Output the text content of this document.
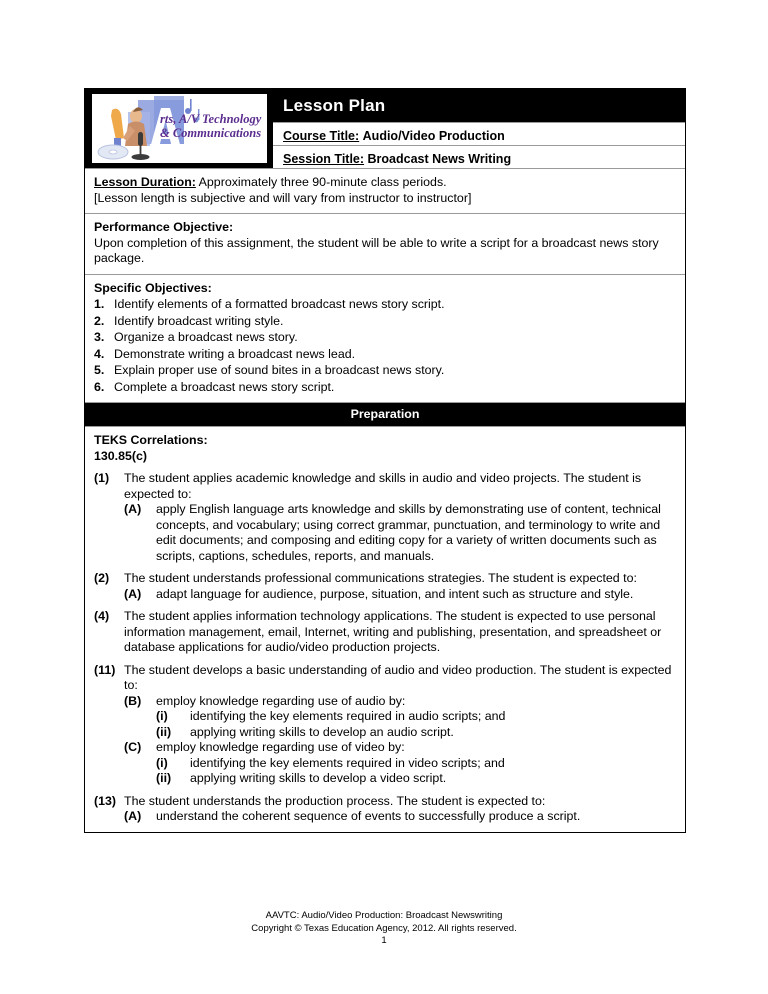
rts, A/V Technology
& Communications
Lesson Plan
Course Title: Audio/Video Production
Session Title: Broadcast News Writing

Lesson Duration: Approximately three 90-minute class periods.

[Lesson length is subjective and will vary from instructor to instructor]

Performance Objective:

Upon completion of this assignment, the student will be able to write a script for a broadcast news story package.

Specific Objectives:

1. Identify elements of a formatted broadcast news story script.
2. Identify broadcast writing style.
3. Organize a broadcast news story.
4. Demonstrate writing a broadcast news lead.
5. Explain proper use of sound bites in a broadcast news story.
6. Complete a broadcast news story script.
Preparation

TEKS Correlations:

130.85(c)

(1)	The student applies academic knowledge and skills in audio and video projects. The student is expected to:
(A)	apply English language arts knowledge and skills by demonstrating use of content, technical concepts, and vocabulary; using correct grammar, punctuation, and terminology to write and edit documents; and composing and editing copy for a variety of written documents such as scripts, captions, schedules, reports, and manuals.
(2)	The student understands professional communications strategies. The student is expected to:
(A)	adapt language for audience, purpose, situation, and intent such as structure and style.
(4)	The student applies information technology applications. The student is expected to use personal information management, email, Internet, writing and publishing, presentation, and spreadsheet or database applications for audio/video production projects.
(11) The student develops a basic understanding of audio and video production. The student is expected to:
(B)	employ knowledge regarding use of audio by:
(i)	identifying the key elements required in audio scripts; and
(ii)	applying writing skills to develop an audio script.
(C)	employ knowledge regarding use of video by:
(i)	identifying the key elements required in video scripts; and
(ii)	applying writing skills to develop a video script.
(13) The student understands the production process. The student is expected to:
(A)	understand the coherent sequence of events to successfully produce a script.
AAVTC: Audio/Video Production: Broadcast Newswriting
Copyright © Texas Education Agency, 2012. All rights reserved.
1
